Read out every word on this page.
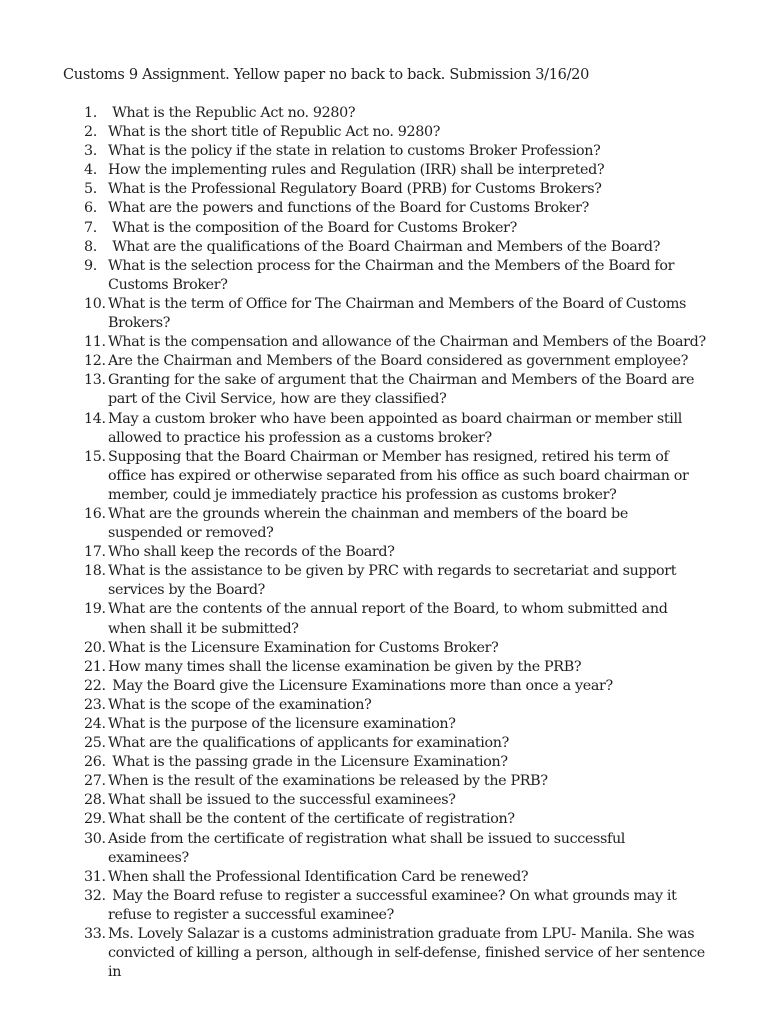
Customs 9 Assignment. Yellow paper no back to back. Submission 3/16/20
1. What is the Republic Act no. 9280?
2. What is the short title of Republic Act no. 9280?
3. What is the policy if the state in relation to customs Broker Profession?
4. How the implementing rules and Regulation (IRR) shall be interpreted?
5. What is the Professional Regulatory Board (PRB) for Customs Brokers?
6. What are the powers and functions of the Board for Customs Broker?
7. What is the composition of the Board for Customs Broker?
8. What are the qualifications of the Board Chairman and Members of the Board?
9. What is the selection process for the Chairman and the Members of the Board for Customs Broker?
10. What is the term of Office for The Chairman and Members of the Board of Customs Brokers?
11. What is the compensation and allowance of the Chairman and Members of the Board?
12. Are the Chairman and Members of the Board considered as government employee?
13. Granting for the sake of argument that the Chairman and Members of the Board are part of the Civil Service, how are they classified?
14. May a custom broker who have been appointed as board chairman or member still allowed to practice his profession as a customs broker?
15. Supposing that the Board Chairman or Member has resigned, retired his term of office has expired or otherwise separated from his office as such board chairman or member, could je immediately practice his profession as customs broker?
16. What are the grounds wherein the chainman and members of the board be suspended or removed?
17. Who shall keep the records of the Board?
18. What is the assistance to be given by PRC with regards to secretariat and support services by the Board?
19. What are the contents of the annual report of the Board, to whom submitted and when shall it be submitted?
20. What is the Licensure Examination for Customs Broker?
21. How many times shall the license examination be given by the PRB?
22. May the Board give the Licensure Examinations more than once a year?
23. What is the scope of the examination?
24. What is the purpose of the licensure examination?
25. What are the qualifications of applicants for examination?
26. What is the passing grade in the Licensure Examination?
27. When is the result of the examinations be released by the PRB?
28. What shall be issued to the successful examinees?
29. What shall be the content of the certificate of registration?
30. Aside from the certificate of registration what shall be issued to successful examinees?
31. When shall the Professional Identification Card be renewed?
32. May the Board refuse to register a successful examinee? On what grounds may it refuse to register a successful examinee?
33. Ms. Lovely Salazar is a customs administration graduate from LPU- Manila. She was convicted of killing a person, although in self-defense, finished service of her sentence in
